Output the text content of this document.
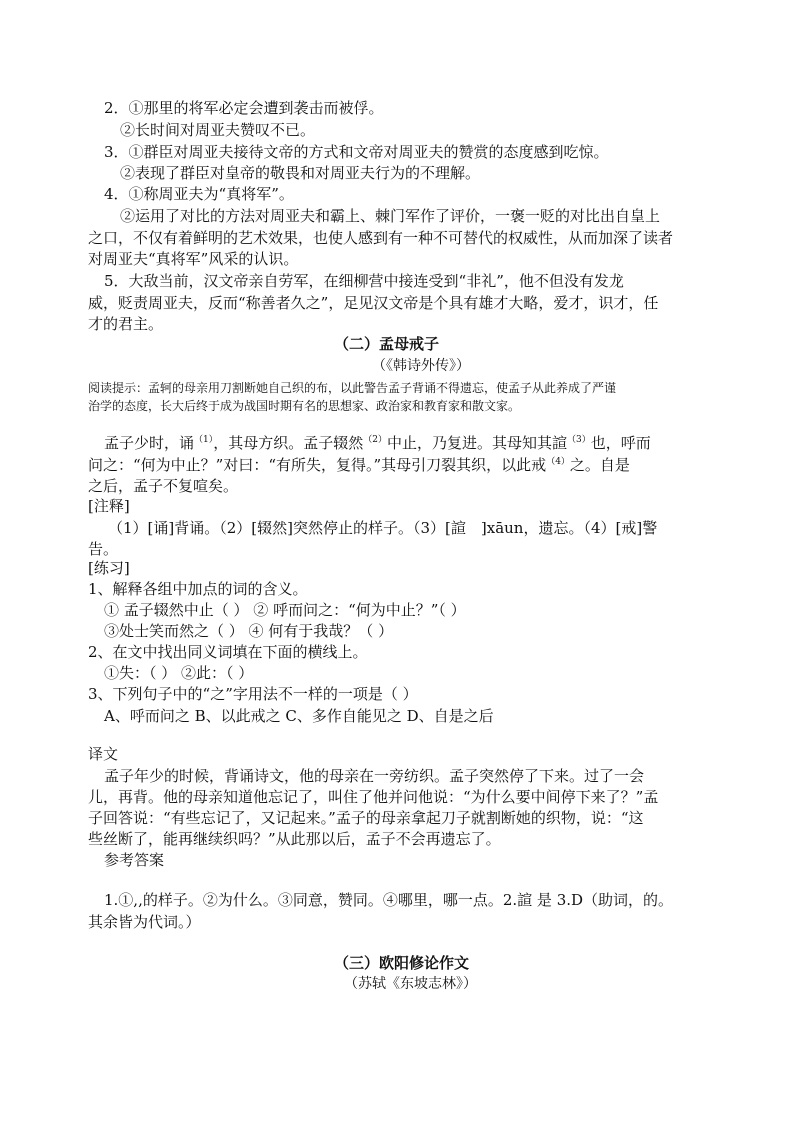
2．①那里的将军必定会遭到袭击而被俘。
②长时间对周亚夫赞叹不已。
3．①群臣对周亚夫接待文帝的方式和文帝对周亚夫的赞赏的态度感到吃惊。
②表现了群臣对皇帝的敬畏和对周亚夫行为的不理解。
4．①称周亚夫为“真将军”。
②运用了对比的方法对周亚夫和霸上、棘门军作了评价，一褒一贬的对比出自皇上
之口，不仅有着鲜明的艺术效果，也使人感到有一种不可替代的权威性，从而加深了读者
对周亚夫“真将军”风采的认识。
5．大敌当前，汉文帝亲自劳军，在细柳营中接连受到“非礼”，他不但没有发龙
威，贬责周亚夫，反而“称善者久之”，足见汉文帝是个具有雄才大略，爱才，识才，任
才的君主。
（二）孟母戒子
（《韩诗外传》）
阅读提示：孟轲的母亲用刀割断她自己织的布，以此警告孟子背诵不得遗忘，使孟子从此养成了严谨
治学的态度，长大后终于成为战国时期有名的思想家、政治家和教育家和散文家。
孟子少时，诵$^{(1)}$，其母方织。孟子辍然$^{(2)}$中止，乃复进。其母知其諠$^{(3)}$也，呼而
问之：“何为中止？”对曰：“有所失，复得。”其母引刀裂其织，以此戒$^{(4)}$之。自是
之后，孟子不复喧矣。
[注释]
（1）[诵]背诵。（2）[辍然]突然停止的样子。（3）[諠　]xāun，遗忘。（4）[戒]警
告。
[练习]
1、解释各组中加点的词的含义。
① 孟子辍然中止（ ） ② 呼而问之：“何为中止？”（ ）
③处士笑而然之（ ） ④ 何有于我哉？（ ）
2、在文中找出同义词填在下面的横线上。
①失：（ ） ②此：（ ）
3、下列句子中的“之”字用法不一样的一项是（ ）
A、呼而问之 B、以此戒之 C、多作自能见之 D、自是之后
译文
孟子年少的时候，背诵诗文，他的母亲在一旁纺织。孟子突然停了下来。过了一会
儿，再背。他的母亲知道他忘记了，叫住了他并问他说：“为什么要中间停下来了？”孟
子回答说：“有些忘记了，又记起来。”孟子的母亲拿起刀子就割断她的织物，说：“这
些丝断了，能再继续织吗？”从此那以后，孟子不会再遗忘了。
参考答案
1.①,,的样子。②为什么。③同意，赞同。④哪里，哪一点。2.諠 是 3.D（助词，的。
其余皆为代词。）
（三）欧阳修论作文
（苏轼《东坡志林》）
